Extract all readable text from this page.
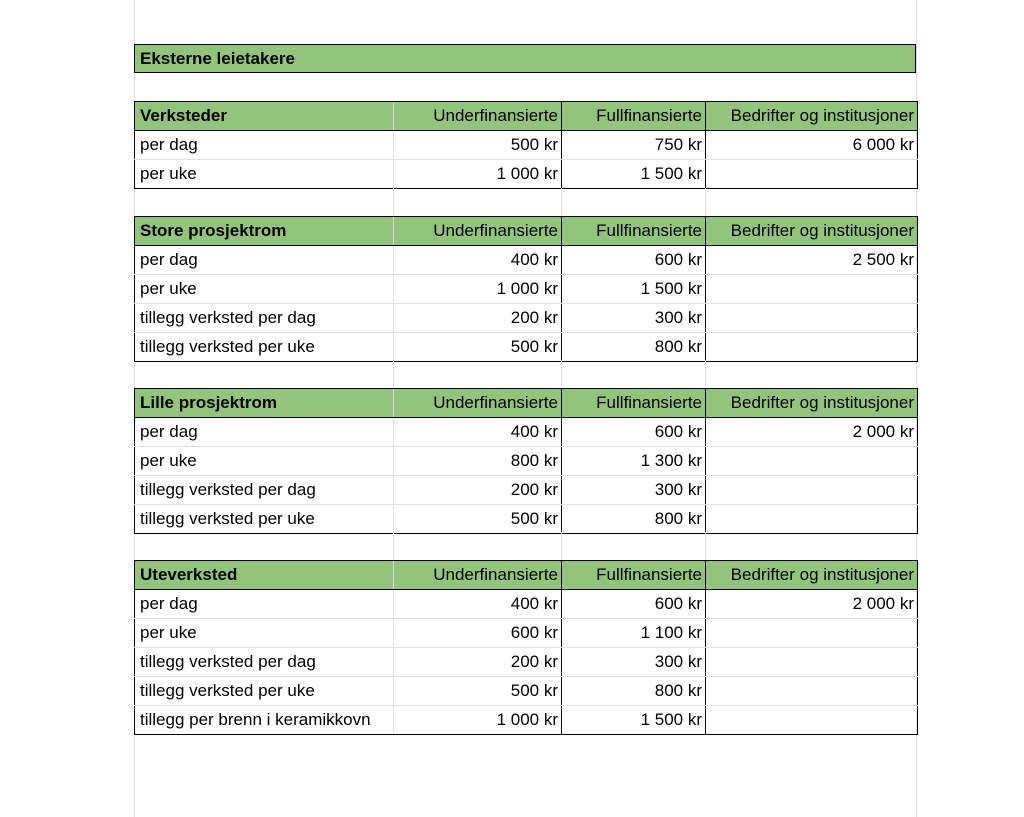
Eksterne leietakere
Verksteder	Underfinansierte	Fullfinansierte	Bedrifter og institusjoner
per dag	500 kr	750 kr	6 000 kr
per uke	1 000 kr	1 500 kr	
Store prosjektrom	Underfinansierte	Fullfinansierte	Bedrifter og institusjoner
per dag	400 kr	600 kr	2 500 kr
per uke	1 000 kr	1 500 kr	
tillegg verksted per dag	200 kr	300 kr	
tillegg verksted per uke	500 kr	800 kr	
Lille prosjektrom	Underfinansierte	Fullfinansierte	Bedrifter og institusjoner
per dag	400 kr	600 kr	2 000 kr
per uke	800 kr	1 300 kr	
tillegg verksted per dag	200 kr	300 kr	
tillegg verksted per uke	500 kr	800 kr	
Uteverksted	Underfinansierte	Fullfinansierte	Bedrifter og institusjoner
per dag	400 kr	600 kr	2 000 kr
per uke	600 kr	1 100 kr	
tillegg verksted per dag	200 kr	300 kr	
tillegg verksted per uke	500 kr	800 kr	
tillegg per brenn i keramikkovn	1 000 kr	1 500 kr	
